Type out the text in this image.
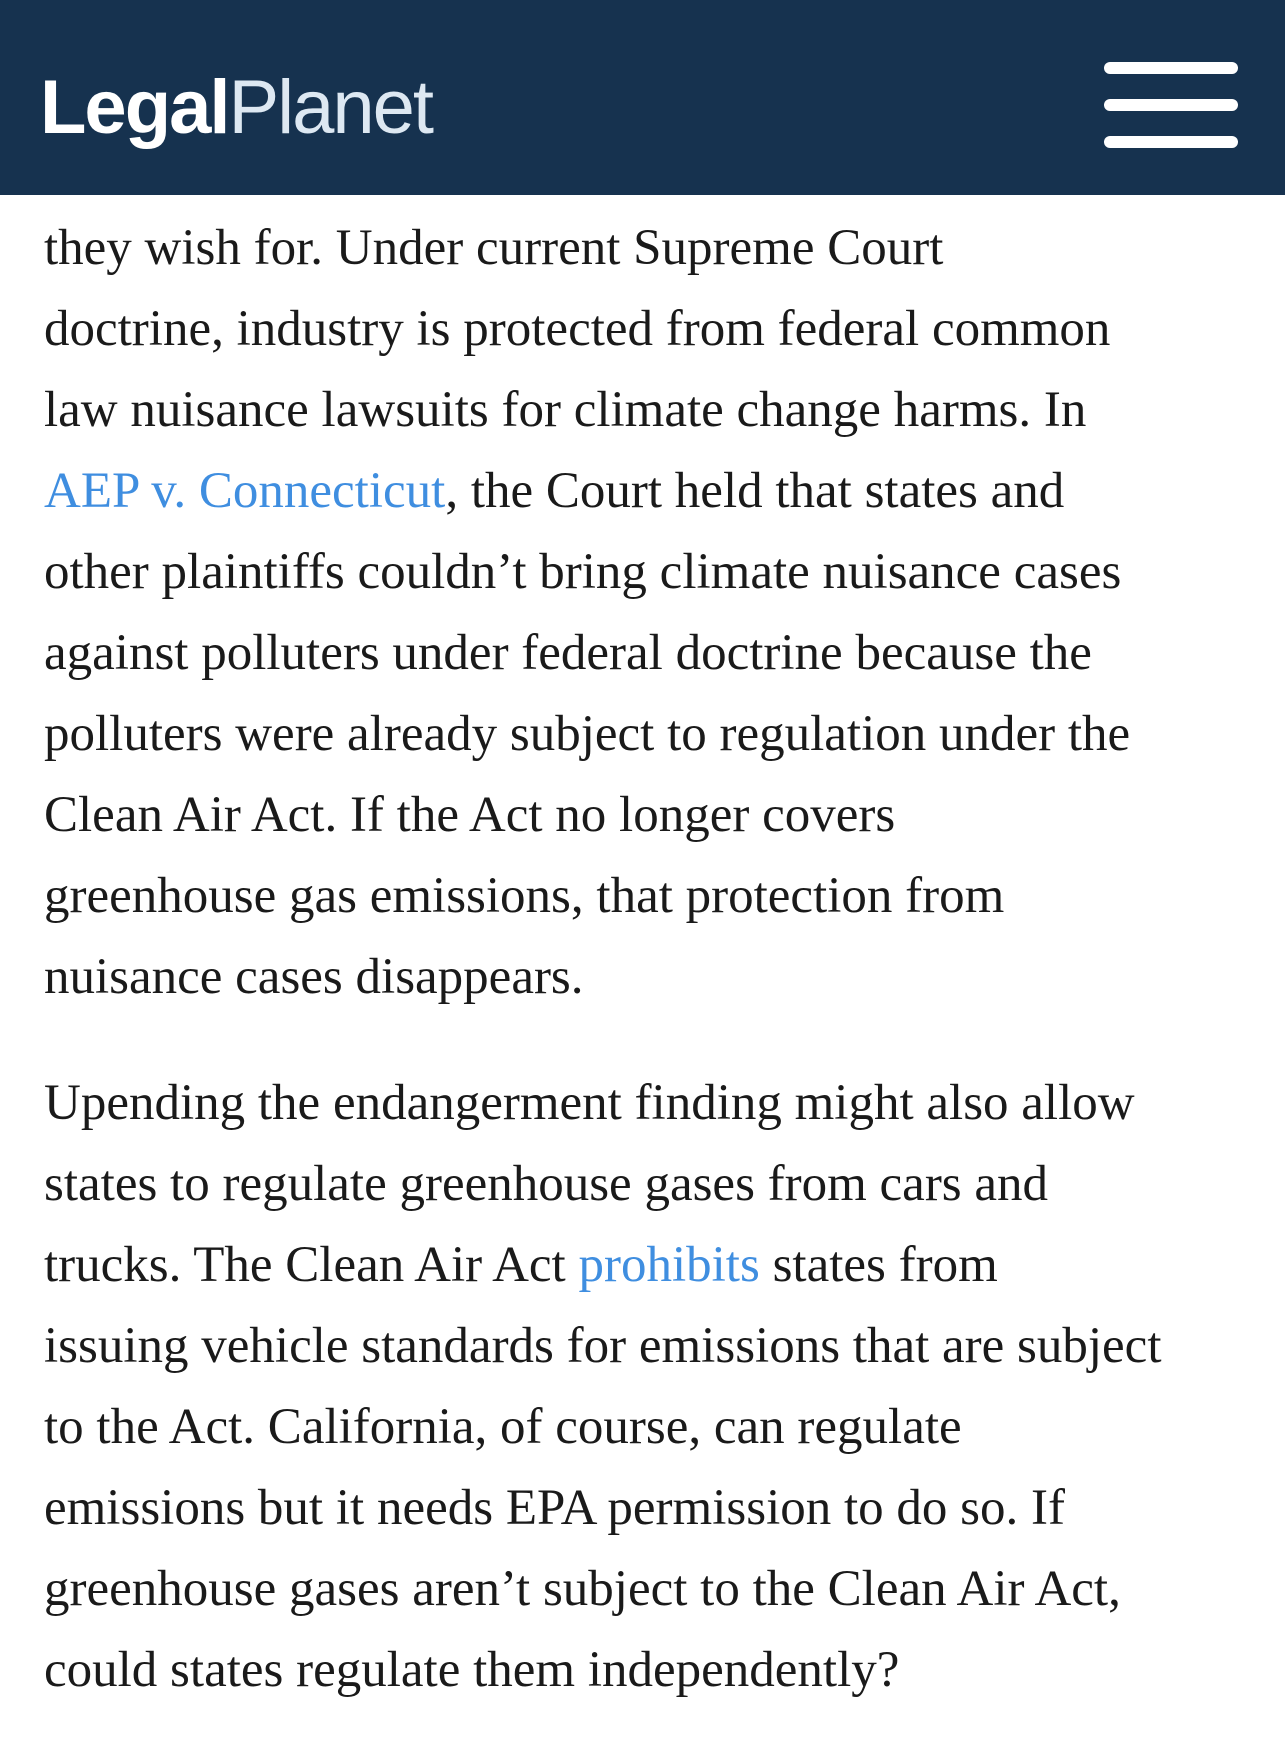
Legal Planet

they wish for. Under current Supreme Court
doctrine, industry is protected from federal common
law nuisance lawsuits for climate change harms. In
AEP v. Connecticut, the Court held that states and
other plaintiffs couldn’t bring climate nuisance cases
against polluters under federal doctrine because the
polluters were already subject to regulation under the
Clean Air Act. If the Act no longer covers
greenhouse gas emissions, that protection from
nuisance cases disappears.

Upending the endangerment finding might also allow
states to regulate greenhouse gases from cars and
trucks. The Clean Air Act prohibits states from
issuing vehicle standards for emissions that are subject
to the Act. California, of course, can regulate
emissions but it needs EPA permission to do so. If
greenhouse gases aren’t subject to the Clean Air Act,
could states regulate them independently?
